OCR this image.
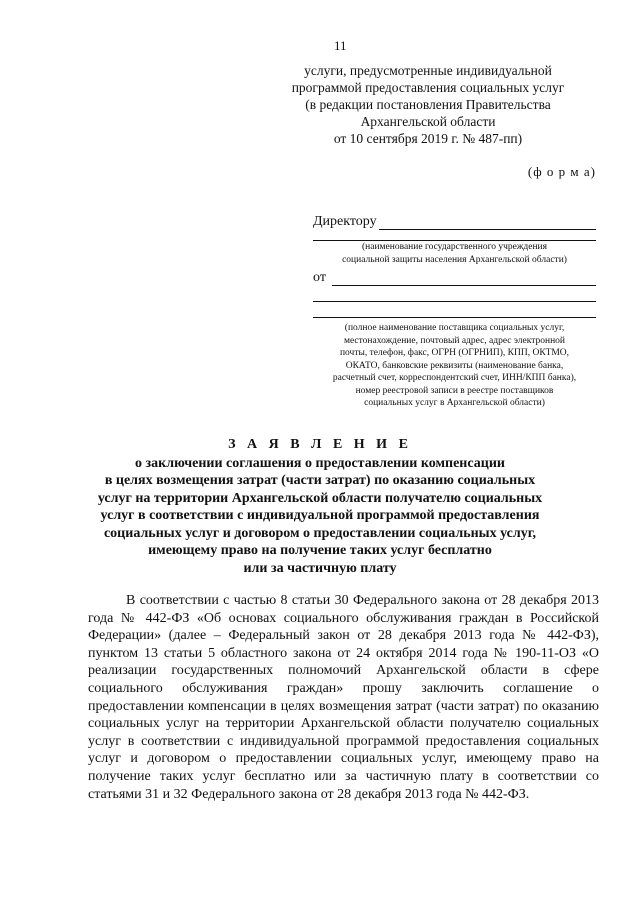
11
услуги, предусмотренные индивидуальной
программой предоставления социальных услуг
(в редакции постановления Правительства
Архангельской области
от 10 сентября 2019 г. № 487-пп)
(ф о р м а)
Директору
(наименование государственного учреждения
социальной защиты населения Архангельской области)
от
(полное наименование поставщика социальных услуг,
местонахождение, почтовый адрес, адрес электронной
почты, телефон, факс, ОГРН (ОГРНИП), КПП, ОКТМО,
ОКАТО, банковские реквизиты (наименование банка,
расчетный счет, корреспондентский счет, ИНН/КПП банка),
номер реестровой записи в реестре поставщиков
социальных услуг в Архангельской области)
З А Я В Л Е Н И Е
о заключении соглашения о предоставлении компенсации
в целях возмещения затрат (части затрат) по оказанию социальных
услуг на территории Архангельской области получателю социальных
услуг в соответствии с индивидуальной программой предоставления
социальных услуг и договором о предоставлении социальных услуг,
имеющему право на получение таких услуг бесплатно
или за частичную плату
В соответствии с частью 8 статьи 30 Федерального закона от 28 декабря 2013 года № 442-ФЗ «Об основах социального обслуживания граждан в Российской Федерации» (далее – Федеральный закон от 28 декабря 2013 года № 442-ФЗ), пунктом 13 статьи 5 областного закона от 24 октября 2014 года № 190-11-ОЗ «О реализации государственных полномочий Архангельской области в сфере социального обслуживания граждан» прошу заключить соглашение о предоставлении компенсации в целях возмещения затрат (части затрат) по оказанию социальных услуг на территории Архангельской области получателю социальных услуг в соответствии с индивидуальной программой предоставления социальных услуг и договором о предоставлении социальных услуг, имеющему право на получение таких услуг бесплатно или за частичную плату в соответствии со статьями 31 и 32 Федерального закона от 28 декабря 2013 года № 442-ФЗ.
